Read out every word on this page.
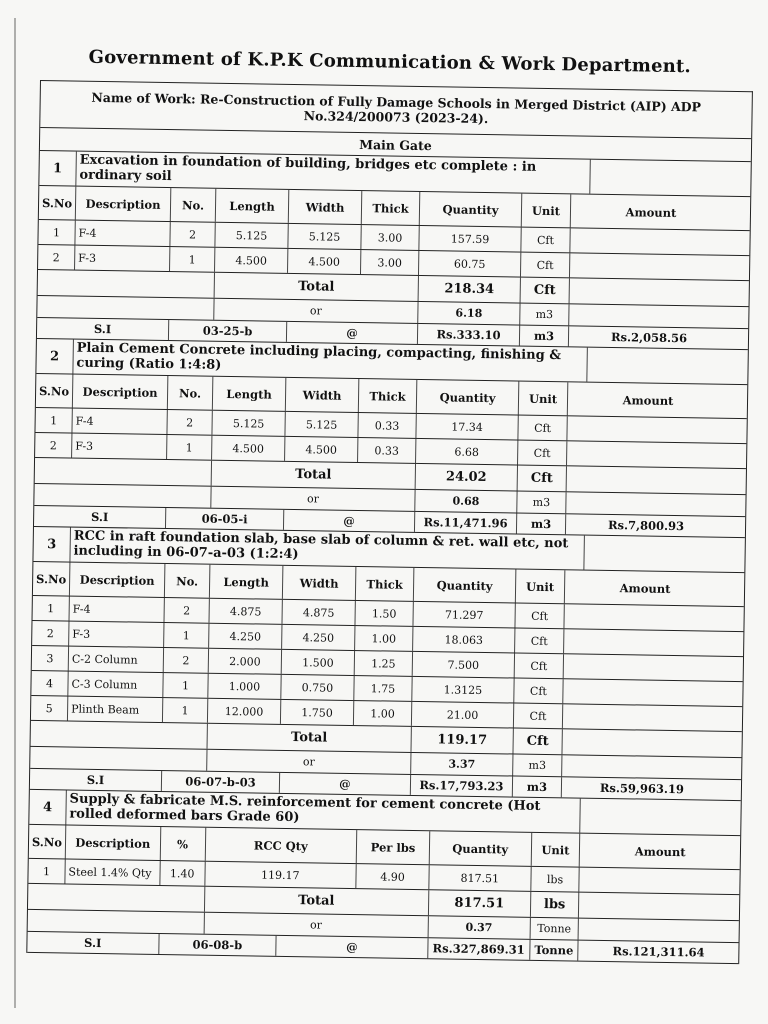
Government of K.P.K Communication & Work Department.
Name of Work: Re-Construction of Fully Damage Schools in Merged District (AIP) ADP No.324/200073 (2023-24).
Main Gate
1	Excavation in foundation of building, bridges etc complete : in ordinary soil
S.No	Description	No.	Length	Width	Thick	Quantity	Unit	Amount
1	F-4	2	5.125	5.125	3.00	157.59	Cft
2	F-3	1	4.500	4.500	3.00	60.75	Cft
Total	218.34	Cft
or	6.18	m3
S.I	03-25-b	@	Rs.333.10	m3	Rs.2,058.56
2	Plain Cement Concrete including placing, compacting, finishing & curing (Ratio 1:4:8)
S.No	Description	No.	Length	Width	Thick	Quantity	Unit	Amount
1	F-4	2	5.125	5.125	0.33	17.34	Cft
2	F-3	1	4.500	4.500	0.33	6.68	Cft
Total	24.02	Cft
or	0.68	m3
S.I	06-05-i	@	Rs.11,471.96	m3	Rs.7,800.93
3	RCC in raft foundation slab, base slab of column & ret. wall etc, not including in 06-07-a-03 (1:2:4)
S.No	Description	No.	Length	Width	Thick	Quantity	Unit	Amount
1	F-4	2	4.875	4.875	1.50	71.297	Cft
2	F-3	1	4.250	4.250	1.00	18.063	Cft
3	C-2 Column	2	2.000	1.500	1.25	7.500	Cft
4	C-3 Column	1	1.000	0.750	1.75	1.3125	Cft
5	Plinth Beam	1	12.000	1.750	1.00	21.00	Cft
Total	119.17	Cft
or	3.37	m3
S.I	06-07-b-03	@	Rs.17,793.23	m3	Rs.59,963.19
4	Supply & fabricate M.S. reinforcement for cement concrete (Hot rolled deformed bars Grade 60)
S.No	Description	%	RCC Qty	Per lbs	Quantity	Unit	Amount
1	Steel 1.4% Qty	1.40	119.17	4.90	817.51	lbs
Total	817.51	lbs
or	0.37	Tonne
S.I	06-08-b	@	Rs.327,869.31 Tonne	Rs.121,311.64
